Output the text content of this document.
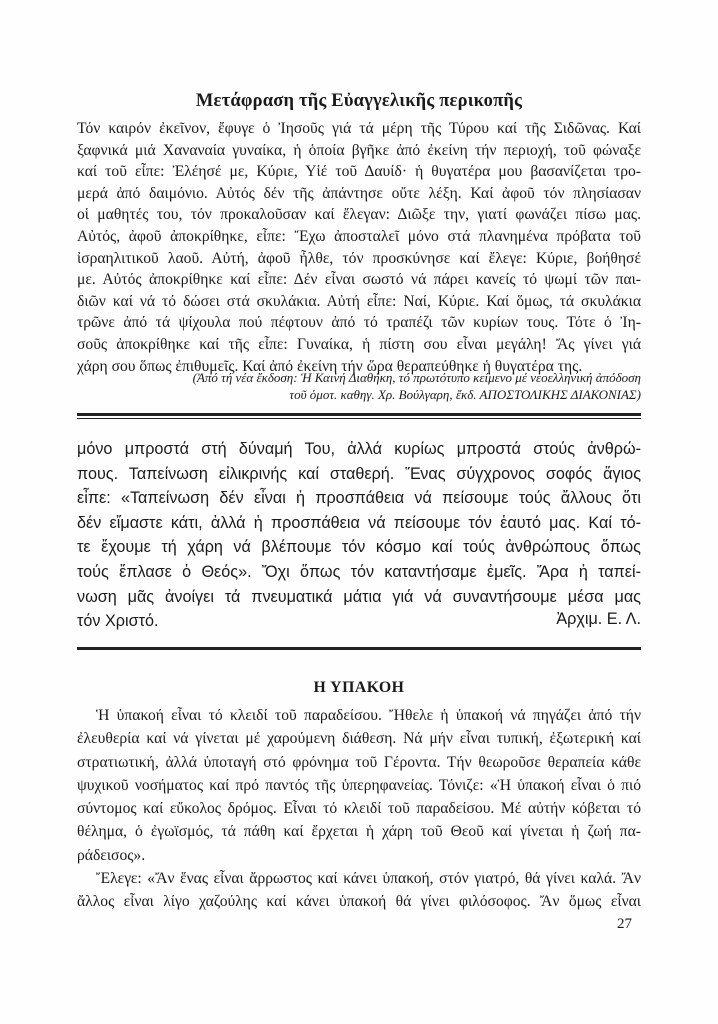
Μετάφραση τῆς Εὐαγγελικῆς περικοπῆς
Τόν καιρόν ἐκεῖνον, ἔφυγε ὁ Ἰησοῦς γιά τά μέρη τῆς Τύρου καί τῆς Σιδῶνας. Καί
ξαφνικά μιά Χαναναία γυναίκα, ἡ ὁποία βγῆκε ἀπό ἐκείνη τήν περιοχή, τοῦ φώναξε
καί τοῦ εἶπε: Ἐλέησέ με, Κύριε, Υἱέ τοῦ Δαυίδ· ἡ θυγατέρα μου βασανίζεται τρο-
μερά ἀπό δαιμόνιο. Αὐτός δέν τῆς ἀπάντησε οὔτε λέξη. Καί ἀφοῦ τόν πλησίασαν
οἱ μαθητές του, τόν προκαλοῦσαν καί ἔλεγαν: Διῶξε την, γιατί φωνάζει πίσω μας.
Αὐτός, ἀφοῦ ἀποκρίθηκε, εἶπε: Ἔχω ἀποσταλεῖ μόνο στά πλανημένα πρόβατα τοῦ
ἰσραηλιτικοῦ λαοῦ. Αὐτή, ἀφοῦ ἦλθε, τόν προσκύνησε καί ἔλεγε: Κύριε, βοήθησέ
με. Αὐτός ἀποκρίθηκε καί εἶπε: Δέν εἶναι σωστό νά πάρει κανείς τό ψωμί τῶν παι-
διῶν καί νά τό δώσει στά σκυλάκια. Αὐτή εἶπε: Ναί, Κύριε. Καί ὅμως, τά σκυλάκια
τρῶνε ἀπό τά ψίχουλα πού πέφτουν ἀπό τό τραπέζι τῶν κυρίων τους. Τότε ὁ Ἰη-
σοῦς ἀποκρίθηκε καί τῆς εἶπε: Γυναίκα, ἡ πίστη σου εἶναι μεγάλη! Ἄς γίνει γιά
χάρη σου ὅπως ἐπιθυμεῖς. Καί ἀπό ἐκείνη τήν ὥρα θεραπεύθηκε ἡ θυγατέρα της.
(Ἀπό τή νέα ἔκδοση: Ἡ Καινή Διαθήκη, τό πρωτότυπο κείμενο μέ νεοελληνική ἀπόδοση
τοῦ ὁμοτ. καθηγ. Χρ. Βούλγαρη, ἔκδ. ΑΠΟΣΤΟΛΙΚΗΣ ΔΙΑΚΟΝΙΑΣ)
μόνο μπροστά στή δύναμή Του, ἀλλά κυρίως μπροστά στούς ἀνθρώ-
πους. Ταπείνωση εἰλικρινής καί σταθερή. Ἕνας σύγχρονος σοφός ἅγιος
εἶπε: «Ταπείνωση δέν εἶναι ἡ προσπάθεια νά πείσουμε τούς ἄλλους ὅτι
δέν εἴμαστε κάτι, ἀλλά ἡ προσπάθεια νά πείσουμε τόν ἑαυτό μας. Καί τό-
τε ἔχουμε τή χάρη νά βλέπουμε τόν κόσμο καί τούς ἀνθρώπους ὅπως
τούς ἔπλασε ὁ Θεός». Ὄχι ὅπως τόν καταντήσαμε ἐμεῖς. Ἄρα ἡ ταπεί-
νωση μᾶς ἀνοίγει τά πνευματικά μάτια γιά νά συναντήσουμε μέσα μας
τόν Χριστό.	Ἀρχιμ. Ε. Λ.
Η ΥΠΑΚΟΗ
Ἡ ὑπακοή εἶναι τό κλειδί τοῦ παραδείσου. Ἤθελε ἡ ὑπακοή νά πηγάζει ἀπό τήν
ἐλευθερία καί νά γίνεται μέ χαρούμενη διάθεση. Νά μήν εἶναι τυπική, ἐξωτερική καί
στρατιωτική, ἀλλά ὑποταγή στό φρόνημα τοῦ Γέροντα. Τήν θεωροῦσε θεραπεία κάθε
ψυχικοῦ νοσήματος καί πρό παντός τῆς ὑπερηφανείας. Τόνιζε: «Ἡ ὑπακοή εἶναι ὁ πιό
σύντομος καί εὔκολος δρόμος. Εἶναι τό κλειδί τοῦ παραδείσου. Μέ αὐτήν κόβεται τό
θέλημα, ὁ ἐγωϊσμός, τά πάθη καί ἔρχεται ἡ χάρη τοῦ Θεοῦ καί γίνεται ἡ ζωή πα-
ράδεισος».
Ἔλεγε: «Ἄν ἕνας εἶναι ἄρρωστος καί κάνει ὑπακοή, στόν γιατρό, θά γίνει καλά. Ἄν
ἄλλος εἶναι λίγο χαζούλης καί κάνει ὑπακοή θά γίνει φιλόσοφος. Ἄν ὅμως εἶναι
27
